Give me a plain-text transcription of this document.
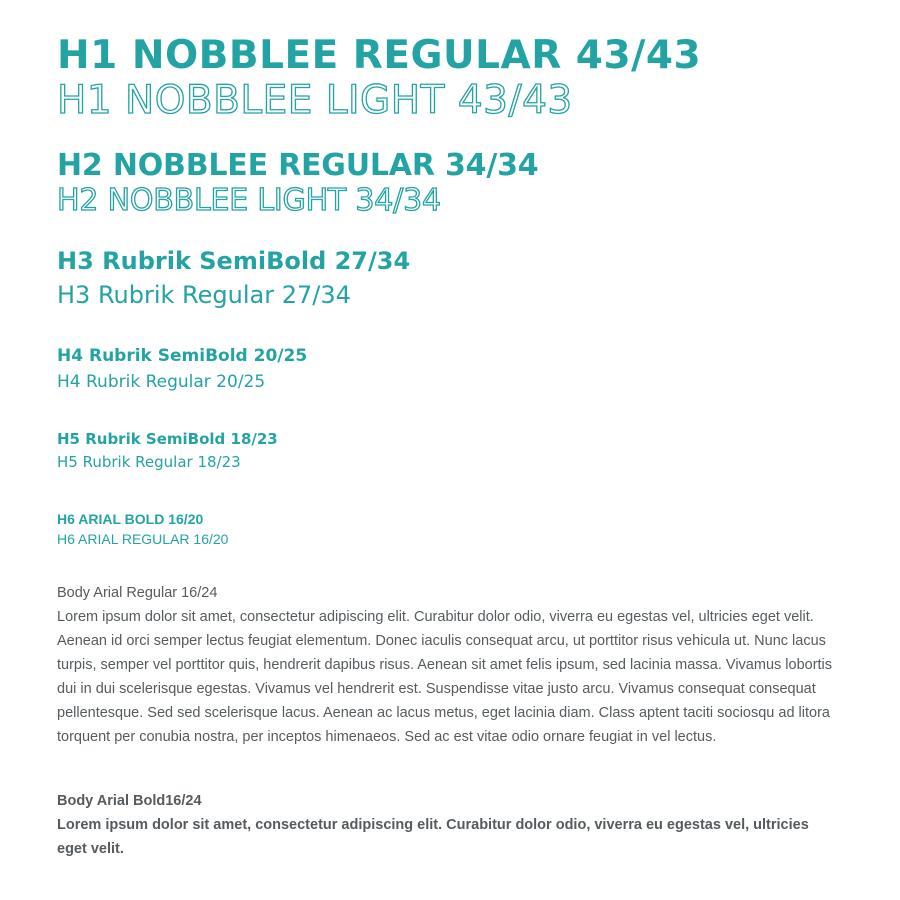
H1 NOBBLEE REGULAR 43/43
H1 NOBBLEE LIGHT 43/43
H2 NOBBLEE REGULAR 34/34
H2 NOBBLEE LIGHT 34/34
H3 Rubrik SemiBold 27/34
H3 Rubrik Regular 27/34
H4 Rubrik SemiBold 20/25
H4 Rubrik Regular 20/25
H5 Rubrik SemiBold 18/23
H5 Rubrik Regular 18/23
H6 ARIAL BOLD 16/20
H6 ARIAL REGULAR 16/20

Body Arial Regular 16/24

Lorem ipsum dolor sit amet, consectetur adipiscing elit. Curabitur dolor odio, viverra eu egestas vel, ultricies eget velit. Aenean id orci semper lectus feugiat elementum. Donec iaculis consequat arcu, ut porttitor risus vehicula ut. Nunc lacus turpis, semper vel porttitor quis, hendrerit dapibus risus. Aenean sit amet felis ipsum, sed lacinia massa. Vivamus lobortis dui in dui scelerisque egestas. Vivamus vel hendrerit est. Suspendisse vitae justo arcu. Vivamus consequat consequat pellentesque. Sed sed scelerisque lacus. Aenean ac lacus metus, eget lacinia diam. Class aptent taciti sociosqu ad litora torquent per conubia nostra, per inceptos himenaeos. Sed ac est vitae odio ornare feugiat in vel lectus.

Body Arial Bold16/24

Lorem ipsum dolor sit amet, consectetur adipiscing elit. Curabitur dolor odio, viverra eu egestas vel, ultricies eget velit.
